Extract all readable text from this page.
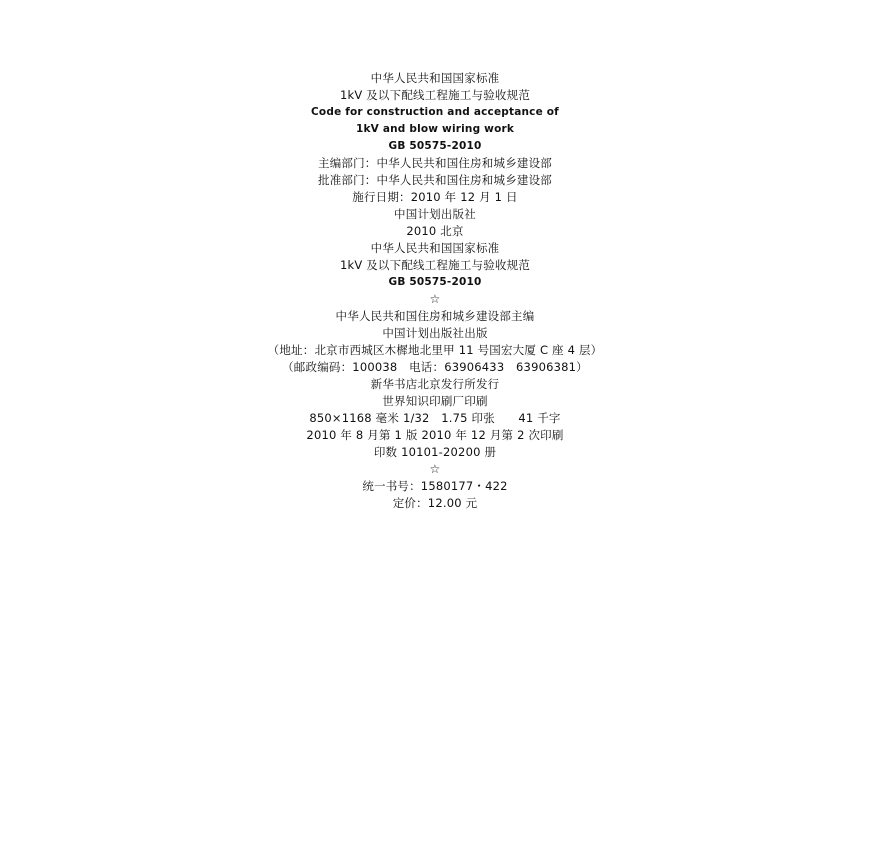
中华人民共和国国家标准
1kV 及以下配线工程施工与验收规范
Code for construction and acceptance of
1kV and blow wiring work
GB 50575-2010
主编部门：中华人民共和国住房和城乡建设部
批准部门：中华人民共和国住房和城乡建设部
施行日期：2010 年 12 月 1 日
中国计划出版社
2010 北京
中华人民共和国国家标准
1kV 及以下配线工程施工与验收规范
GB 50575-2010
☆
中华人民共和国住房和城乡建设部主编
中国计划出版社出版
（地址：北京市西城区木樨地北里甲 11 号国宏大厦 C 座 4 层）
（邮政编码：100038　电话：63906433　63906381）
新华书店北京发行所发行
世界知识印刷厂印刷
850×1168 毫米 1/32　1.75 印张　　41 千字
2010 年 8 月第 1 版 2010 年 12 月第 2 次印刷
印数 10101-20200 册
☆
统一书号：1580177・422
定价：12.00 元
